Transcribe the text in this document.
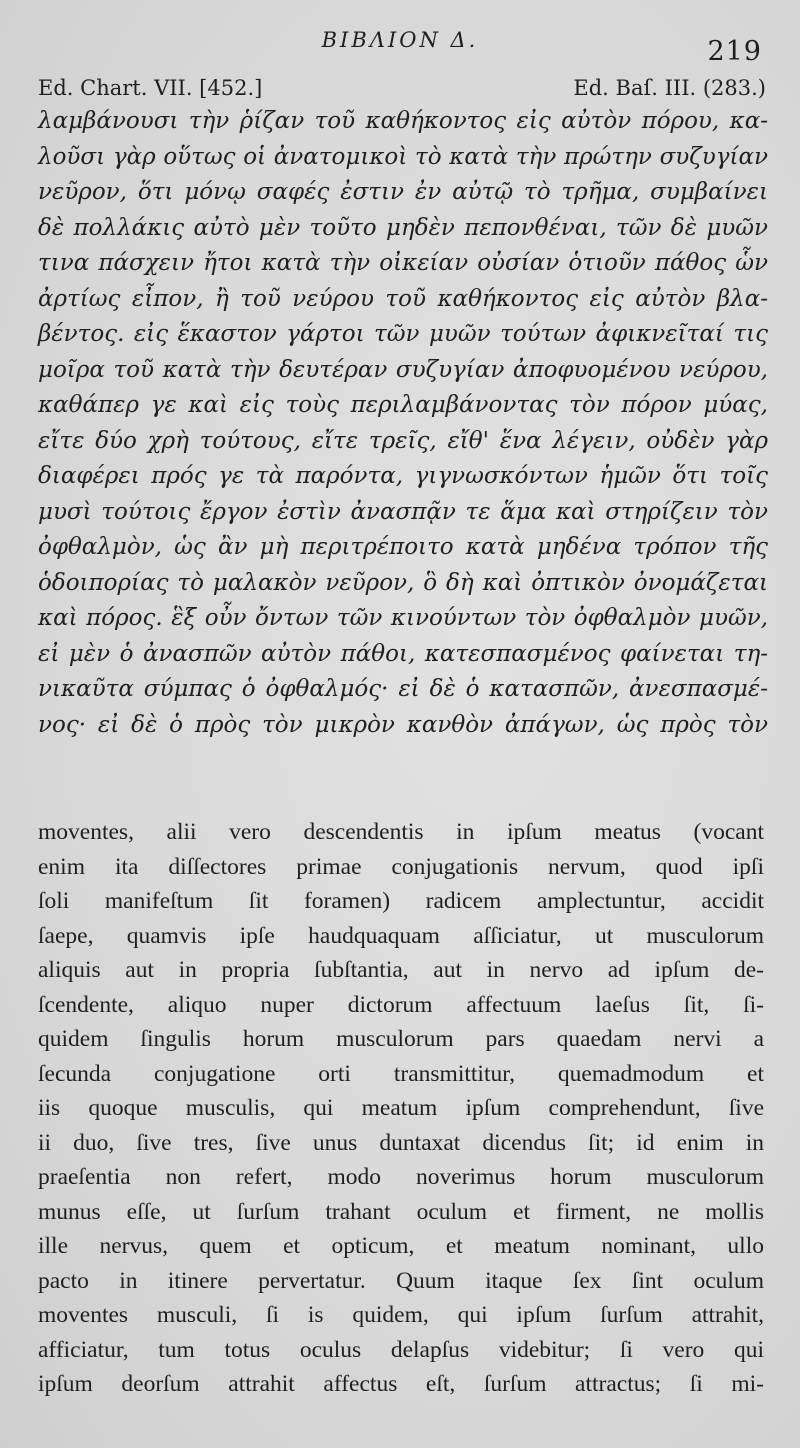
BIBΛΙΟΝ Δ.	219
Ed. Chart. VII. [452.]	Ed. Baſ. III. (283.)
λαμβάνουσι τὴν ῥίζαν τοῦ καθήκοντος εἰς αὐτὸν πόρου, κα-
λοῦσι γὰρ οὕτως οἱ ἀνατομικοὶ τὸ κατὰ τὴν πρώτην συζυγίαν
νεῦρον, ὅτι μόνῳ σαφές ἐστιν ἐν αὐτῷ τὸ τρῆμα, συμβαίνει
δὲ πολλάκις αὐτὸ μὲν τοῦτο μηδὲν πεπονθέναι, τῶν δὲ μυῶν
τινα πάσχειν ἤτοι κατὰ τὴν οἰκείαν οὐσίαν ὁτιοῦν πάθος ὧν
ἀρτίως εἶπον, ἢ τοῦ νεύρου τοῦ καθήκοντος εἰς αὐτὸν βλα-
βέντος. εἰς ἕκαστον γάρτοι τῶν μυῶν τούτων ἀφικνεῖταί τις
μοῖρα τοῦ κατὰ τὴν δευτέραν συζυγίαν ἀποφυομένου νεύρου,
καθάπερ γε καὶ εἰς τοὺς περιλαμβάνοντας τὸν πόρον μύας,
εἴτε δύο χρὴ τούτους, εἴτε τρεῖς, εἴθ' ἕνα λέγειν, οὐδὲν γὰρ
διαφέρει πρός γε τὰ παρόντα, γιγνωσκόντων ἡμῶν ὅτι τοῖς
μυσὶ τούτοις ἔργον ἐστὶν ἀνασπᾷν τε ἅμα καὶ στηρίζειν τὸν
ὀφθαλμὸν, ὡς ἂν μὴ περιτρέποιτο κατὰ μηδένα τρόπον τῆς
ὁδοιπορίας τὸ μαλακὸν νεῦρον, ὃ δὴ καὶ ὀπτικὸν ὀνομάζεται
καὶ πόρος. ἓξ οὖν ὄντων τῶν κινούντων τὸν ὀφθαλμὸν μυῶν,
εἰ μὲν ὁ ἀνασπῶν αὐτὸν πάθοι, κατεσπασμένος φαίνεται τη-
νικαῦτα σύμπας ὁ ὀφθαλμός· εἰ δὲ ὁ κατασπῶν, ἀνεσπασμέ-
νος· εἰ δὲ ὁ πρὸς τὸν μικρὸν κανθὸν ἀπάγων, ὡς πρὸς τὸν
moventes, alii vero descendentis in ipſum meatus (vocant
enim ita diſſectores primae conjugationis nervum, quod ipſi
ſoli manifeſtum ſit foramen) radicem amplectuntur, accidit
ſaepe, quamvis ipſe haudquaquam aſſiciatur, ut musculorum
aliquis aut in propria ſubſtantia, aut in nervo ad ipſum de-
ſcendente, aliquo nuper dictorum affectuum laeſus ſit, ſi-
quidem ſingulis horum musculorum pars quaedam nervi a
ſecunda conjugatione orti transmittitur, quemadmodum et
iis quoque musculis, qui meatum ipſum comprehendunt, ſive
ii duo, ſive tres, ſive unus duntaxat dicendus ſit; id enim in
praeſentia non refert, modo noverimus horum musculorum
munus eſſe, ut ſurſum trahant oculum et firment, ne mollis
ille nervus, quem et opticum, et meatum nominant, ullo
pacto in itinere pervertatur. Quum itaque ſex ſint oculum
moventes musculi, ſi is quidem, qui ipſum ſurſum attrahit,
afficiatur, tum totus oculus delapſus videbitur; ſi vero qui
ipſum deorſum attrahit affectus eſt, ſurſum attractus; ſi mi-
